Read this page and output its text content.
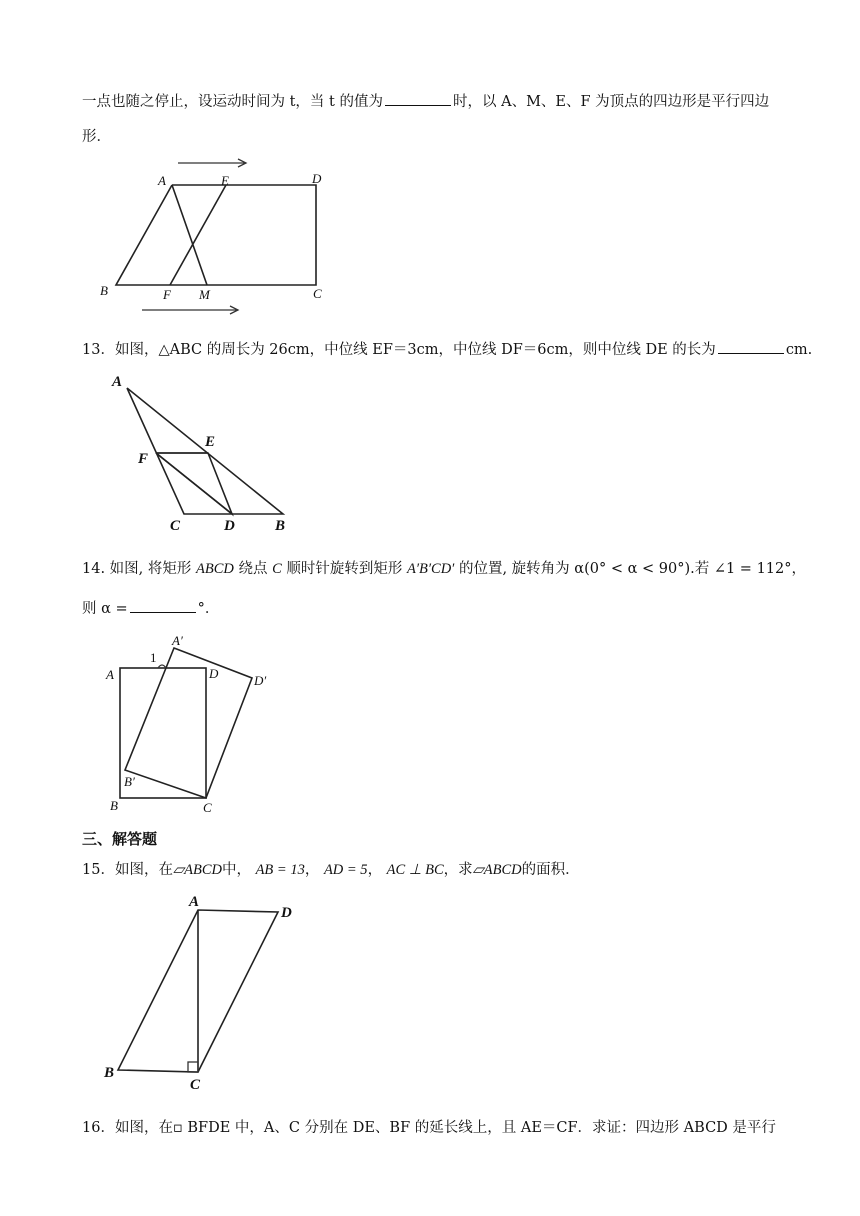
一点也随之停止，设运动时间为 t，当 t 的值为	时，以 A、M、E、F 为顶点的四边形是平行四边
形．
A	E	D
B	F M	C
13．如图，△ABC 的周长为 26cm，中位线 EF＝3cm，中位线 DF＝6cm，则中位线 DE 的长为	cm.
A
E
F
C	D	B
14. 如图, 将矩形 ABCD 绕点 C 顺时针旋转到矩形 A′B′CD′ 的位置, 旋转角为 α(0° < α < 90°).若 ∠1 = 112°，
则 α =	°．
A′
1
A	D	D′
B′
B	C
三、解答题
15．如图，在▱ABCD中， AB = 13， AD = 5， AC ⊥ BC，求▱ABCD的面积．
A
D
B
C
16．如图，在▫ BFDE 中，A、C 分别在 DE、BF 的延长线上，且 AE＝CF．求证：四边形 ABCD 是平行
